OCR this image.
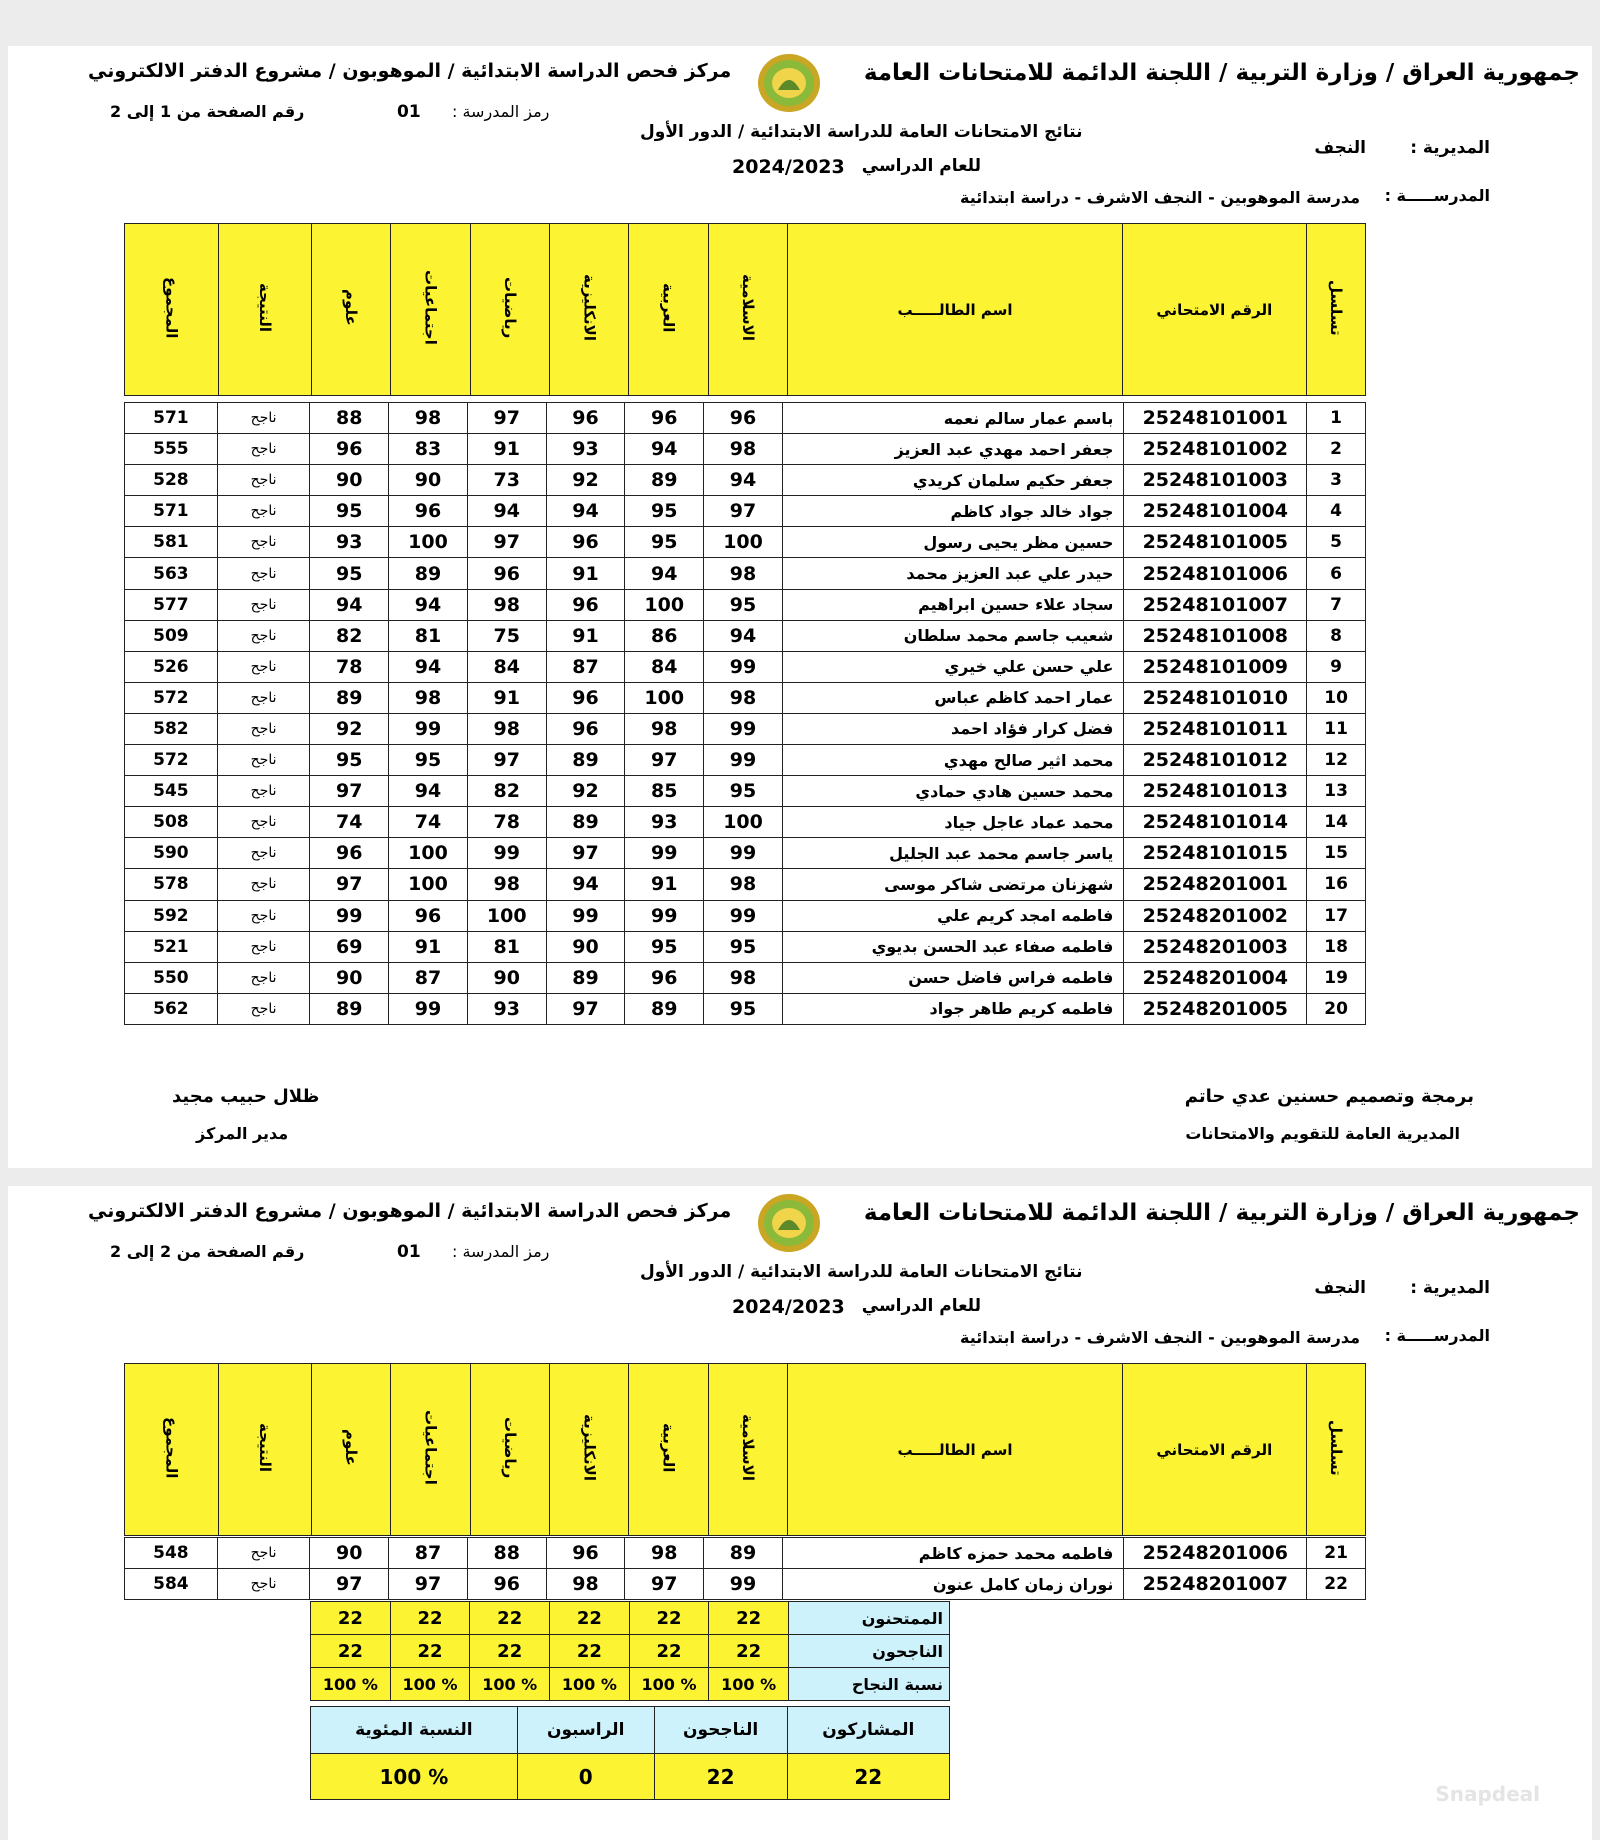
جمهورية العراق / وزارة التربية / اللجنة الدائمة للامتحانات العامة
مركز فحص الدراسة الابتدائية / الموهوبون / مشروع الدفتر الالكتروني
نتائج الامتحانات العامة للدراسة الابتدائية / الدور الأول
للعام الدراسي
2024/2023
المديرية :
النجف
المدرســـــة :
مدرسة الموهوبين - النجف الاشرف - دراسة ابتدائية
رمز المدرسة :
01
رقم الصفحة من 1 إلى 2
تسلسل	الرقم الامتحاني	اسم الطالـــــب	الاسلامية	العربية	الانكليزية	رياضيات	اجتماعيات	علوم	النتيجة	المجموع
1	25248101001	باسم عمار سالم نعمه	96	96	96	97	98	88	ناجح	571
2	25248101002	جعفر احمد مهدي عبد العزيز	98	94	93	91	83	96	ناجح	555
3	25248101003	جعفر حكيم سلمان كريدي	94	89	92	73	90	90	ناجح	528
4	25248101004	جواد خالد جواد كاظم	97	95	94	94	96	95	ناجح	571
5	25248101005	حسين مظر يحيى رسول	100	95	96	97	100	93	ناجح	581
6	25248101006	حيدر علي عبد العزيز محمد	98	94	91	96	89	95	ناجح	563
7	25248101007	سجاد علاء حسين ابراهيم	95	100	96	98	94	94	ناجح	577
8	25248101008	شعيب جاسم محمد سلطان	94	86	91	75	81	82	ناجح	509
9	25248101009	علي حسن علي خيري	99	84	87	84	94	78	ناجح	526
10	25248101010	عمار احمد كاظم عباس	98	100	96	91	98	89	ناجح	572
11	25248101011	فضل كرار فؤاد احمد	99	98	96	98	99	92	ناجح	582
12	25248101012	محمد اثير صالح مهدي	99	97	89	97	95	95	ناجح	572
13	25248101013	محمد حسين هادي حمادي	95	85	92	82	94	97	ناجح	545
14	25248101014	محمد عماد عاجل جياد	100	93	89	78	74	74	ناجح	508
15	25248101015	ياسر جاسم محمد عبد الجليل	99	99	97	99	100	96	ناجح	590
16	25248201001	شهزنان مرتضى شاكر موسى	98	91	94	98	100	97	ناجح	578
17	25248201002	فاطمه امجد كريم علي	99	99	99	100	96	99	ناجح	592
18	25248201003	فاطمه صفاء عبد الحسن بديوي	95	95	90	81	91	69	ناجح	521
19	25248201004	فاطمه فراس فاضل حسن	98	96	89	90	87	90	ناجح	550
20	25248201005	فاطمه كريم طاهر جواد	95	89	97	93	99	89	ناجح	562
برمجة وتصميم حسنين عدي حاتم
المديرية العامة للتقويم والامتحانات
ظلال حبيب مجيد
مدير المركز
جمهورية العراق / وزارة التربية / اللجنة الدائمة للامتحانات العامة
مركز فحص الدراسة الابتدائية / الموهوبون / مشروع الدفتر الالكتروني
نتائج الامتحانات العامة للدراسة الابتدائية / الدور الأول
للعام الدراسي
2024/2023
المديرية :
النجف
المدرســـــة :
مدرسة الموهوبين - النجف الاشرف - دراسة ابتدائية
رمز المدرسة :
01
رقم الصفحة من 2 إلى 2
تسلسل	الرقم الامتحاني	اسم الطالـــــب	الاسلامية	العربية	الانكليزية	رياضيات	اجتماعيات	علوم	النتيجة	المجموع
21	25248201006	فاطمه محمد حمزه كاظم	89	98	96	88	87	90	ناجح	548
22	25248201007	نوران زمان كامل عنون	99	97	98	96	97	97	ناجح	584
الممتحنون	22	22	22	22	22	22
الناجحون	22	22	22	22	22	22
نسبة النجاح	% 100	% 100	% 100	% 100	% 100	% 100
المشاركون	الناجحون	الراسبون	النسبة المئوية
22	22	0	% 100
Snapdeal
